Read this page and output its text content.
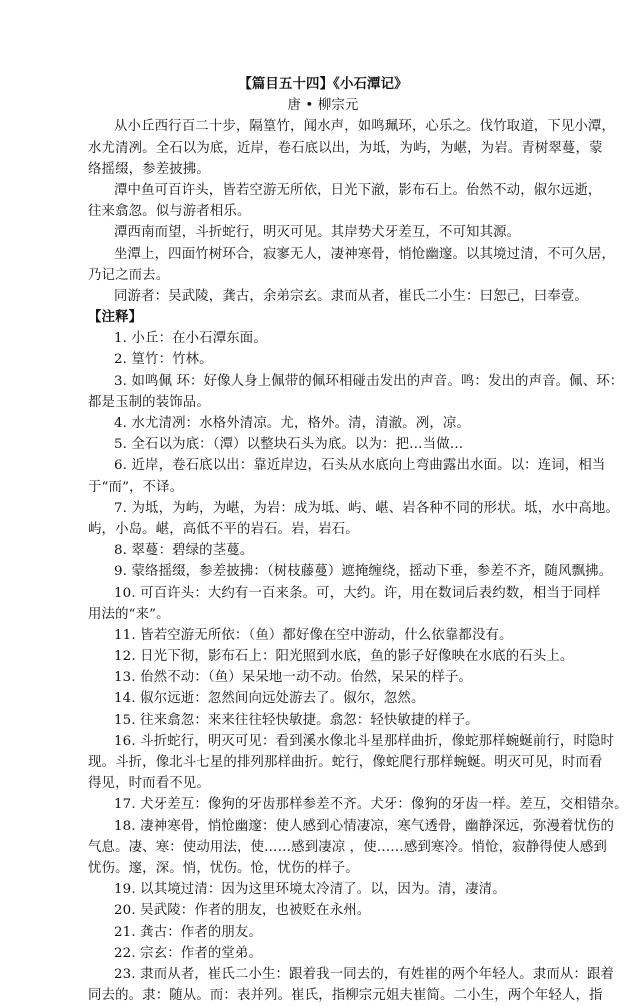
【篇目五十四】《小石潭记》
唐 • 柳宗元
从小丘西行百二十步，隔篁竹，闻水声，如鸣珮环，心乐之。伐竹取道，下见小潭，
水尤清冽。全石以为底，近岸，卷石底以出，为坻，为屿，为嵁，为岩。青树翠蔓，蒙
络摇缀，参差披拂。
潭中鱼可百许头，皆若空游无所依，日光下澈，影布石上。佁然不动，俶尔远逝，
往来翕忽。似与游者相乐。
潭西南而望，斗折蛇行，明灭可见。其岸势犬牙差互，不可知其源。
坐潭上，四面竹树环合，寂寥无人，凄神寒骨，悄怆幽邃。以其境过清，不可久居，
乃记之而去。
同游者：吴武陵，龚古，余弟宗玄。隶而从者，崔氏二小生：曰恕己，曰奉壹。
【注释】
1. 小丘：在小石潭东面。
2. 篁竹：竹林。
3. 如鸣佩 环：好像人身上佩带的佩环相碰击发出的声音。鸣：发出的声音。佩、环：
都是玉制的装饰品。
4. 水尤清冽：水格外清凉。尤，格外。清，清澈。冽，凉。
5. 全石以为底：（潭）以整块石头为底。以为：把…当做…
6. 近岸，卷石底以出：靠近岸边，石头从水底向上弯曲露出水面。以：连词，相当
于“而”，不译。
7. 为坻，为屿，为嵁，为岩：成为坻、屿、嵁、岩各种不同的形状。坻，水中高地。
屿，小岛。嵁，高低不平的岩石。岩，岩石。
8. 翠蔓：碧绿的茎蔓。
9. 蒙络摇缀，参差披拂：（树枝藤蔓）遮掩缠绕，摇动下垂，参差不齐，随风飘拂。
10. 可百许头：大约有一百来条。可，大约。许，用在数词后表约数，相当于同样
用法的“来”。
11. 皆若空游无所依：（鱼）都好像在空中游动，什么依靠都没有。
12. 日光下彻，影布石上：阳光照到水底，鱼的影子好像映在水底的石头上。
13. 佁然不动：（鱼）呆呆地一动不动。佁然，呆呆的样子。
14. 俶尔远逝：忽然间向远处游去了。俶尔，忽然。
15. 往来翕忽：来来往往轻快敏捷。翕忽：轻快敏捷的样子。
16. 斗折蛇行，明灭可见：看到溪水像北斗星那样曲折，像蛇那样蜿蜒前行，时隐时
现。斗折，像北斗七星的排列那样曲折。蛇行，像蛇爬行那样蜿蜒。明灭可见，时而看
得见，时而看不见。
17. 犬牙差互：像狗的牙齿那样参差不齐。犬牙：像狗的牙齿一样。差互，交相错杂。
18. 凄神寒骨，悄怆幽邃：使人感到心情凄凉，寒气透骨，幽静深远，弥漫着忧伤的
气息。凄、寒：使动用法，使……感到凄凉 ，使……感到寒冷。悄怆，寂静得使人感到
忧伤。邃，深。悄，忧伤。怆，忧伤的样子。
19. 以其境过清：因为这里环境太冷清了。以，因为。清，凄清。
20. 吴武陵：作者的朋友，也被贬在永州。
21. 龚古：作者的朋友。
22. 宗玄：作者的堂弟。
23. 隶而从者，崔氏二小生：跟着我一同去的，有姓崔的两个年轻人。隶而从：跟着
同去的。隶：随从。而：表并列。崔氏，指柳宗元姐夫崔简。二小生，两个年轻人，指
